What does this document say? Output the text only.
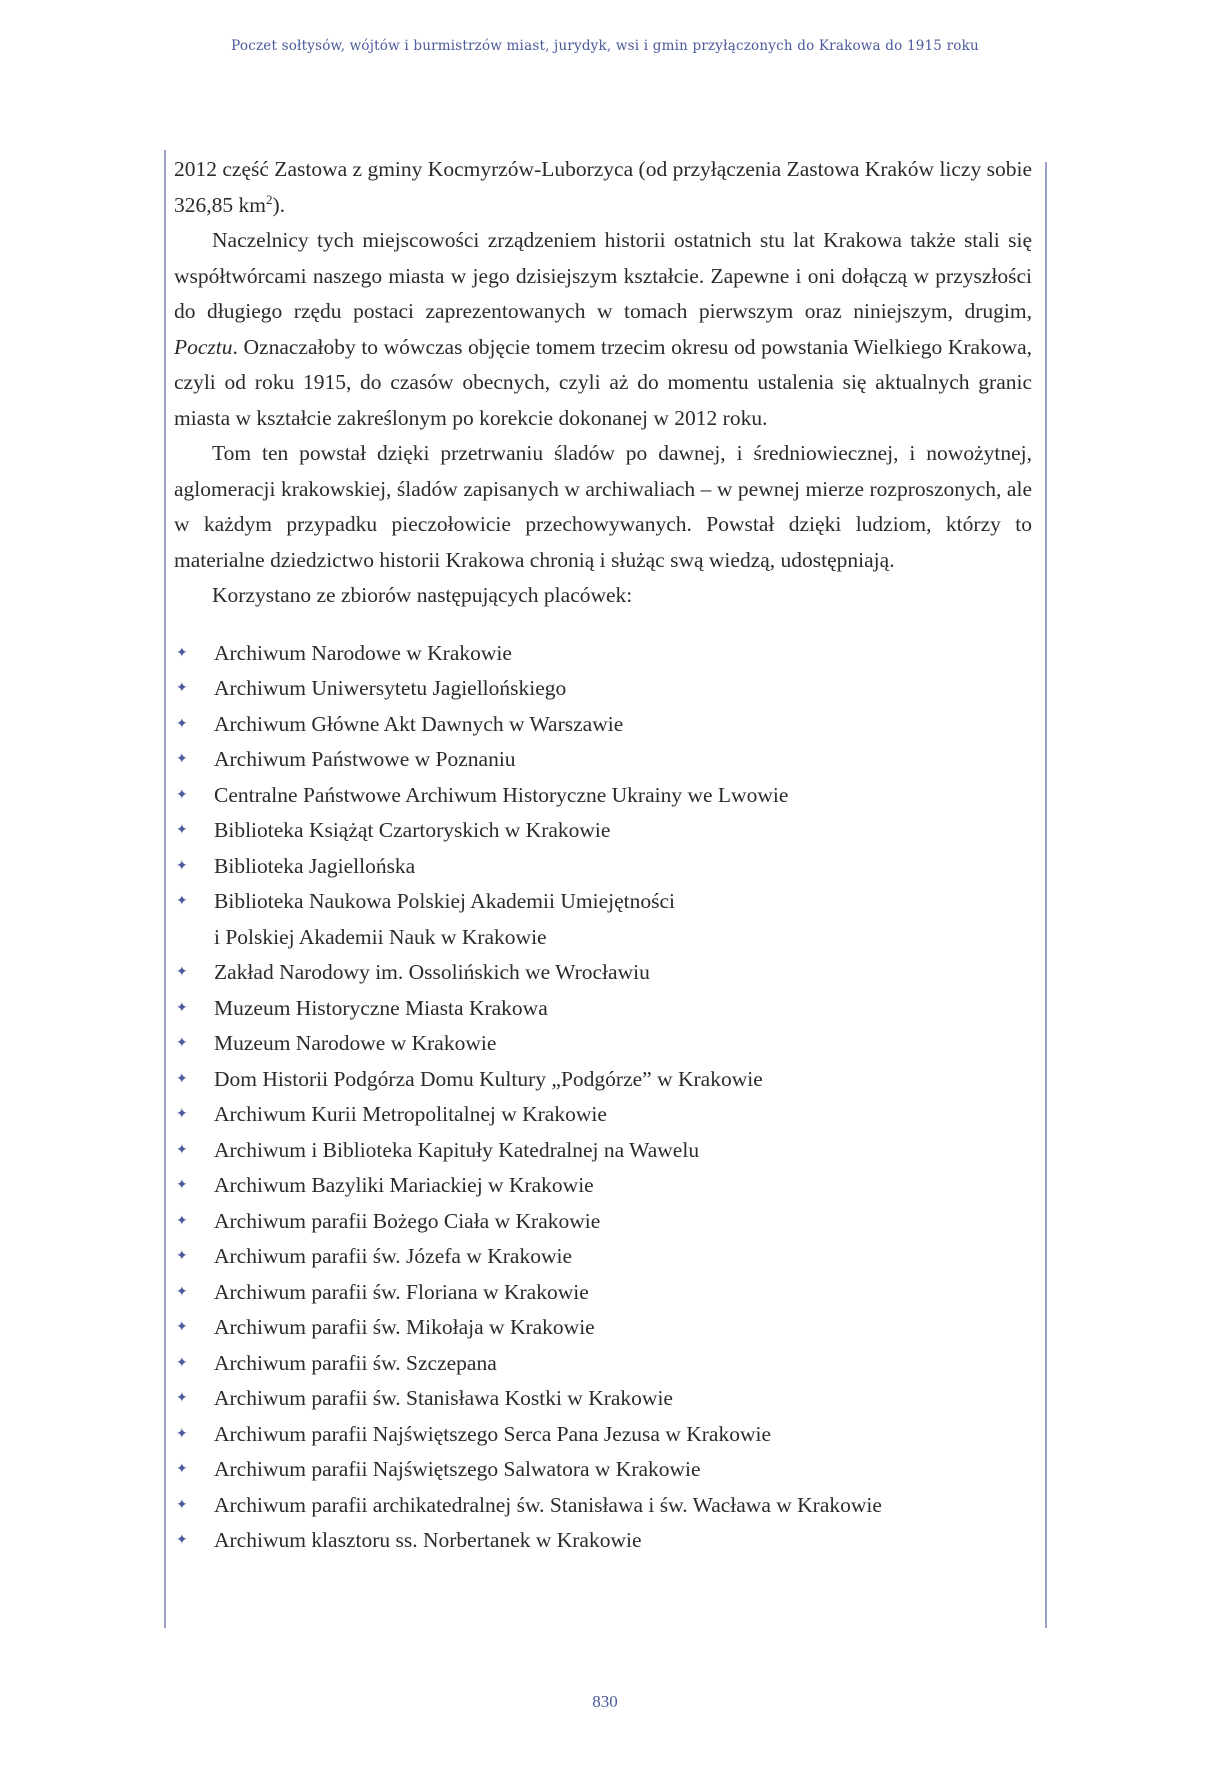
Poczet sołtysów, wójtów i burmistrzów miast, jurydyk, wsi i gmin przyłączonych do Krakowa do 1915 roku

2012 część Zastowa z gminy Kocmyrzów-Luborzyca (od przyłączenia Zastowa Kraków liczy sobie 326,85 $km^2$).

Naczelnicy tych miejscowości zrządzeniem historii ostatnich stu lat Krakowa także stali się współtwórcami naszego miasta w jego dzisiejszym kształcie. Zapewne i oni dołączą w przyszłości do długiego rzędu postaci zaprezentowanych w tomach pierwszym oraz niniejszym, drugim, Pocztu. Oznaczałoby to wówczas objęcie tomem trzecim okresu od powstania Wielkiego Krakowa, czyli od roku 1915, do czasów obecnych, czyli aż do momentu ustalenia się aktualnych granic miasta w kształcie zakreślonym po korekcie dokonanej w 2012 roku.

Tom ten powstał dzięki przetrwaniu śladów po dawnej, i średniowiecznej, i nowożytnej, aglomeracji krakowskiej, śladów zapisanych w archiwaliach – w pewnej mierze rozproszonych, ale w każdym przypadku pieczołowicie przechowywanych. Powstał dzięki ludziom, którzy to materialne dziedzictwo historii Krakowa chronią i służąc swą wiedzą, udostępniają.

Korzystano ze zbiorów następujących placówek:

✦ Archiwum Narodowe w Krakowie
✦ Archiwum Uniwersytetu Jagiellońskiego
✦ Archiwum Główne Akt Dawnych w Warszawie
✦ Archiwum Państwowe w Poznaniu
✦ Centralne Państwowe Archiwum Historyczne Ukrainy we Lwowie
✦ Biblioteka Książąt Czartoryskich w Krakowie
✦ Biblioteka Jagiellońska
✦ Biblioteka Naukowa Polskiej Akademii Umiejętności
i Polskiej Akademii Nauk w Krakowie
✦ Zakład Narodowy im. Ossolińskich we Wrocławiu
✦ Muzeum Historyczne Miasta Krakowa
✦ Muzeum Narodowe w Krakowie
✦ Dom Historii Podgórza Domu Kultury „Podgórze” w Krakowie
✦ Archiwum Kurii Metropolitalnej w Krakowie
✦ Archiwum i Biblioteka Kapituły Katedralnej na Wawelu
✦ Archiwum Bazyliki Mariackiej w Krakowie
✦ Archiwum parafii Bożego Ciała w Krakowie
✦ Archiwum parafii św. Józefa w Krakowie
✦ Archiwum parafii św. Floriana w Krakowie
✦ Archiwum parafii św. Mikołaja w Krakowie
✦ Archiwum parafii św. Szczepana
✦ Archiwum parafii św. Stanisława Kostki w Krakowie
✦ Archiwum parafii Najświętszego Serca Pana Jezusa w Krakowie
✦ Archiwum parafii Najświętszego Salwatora w Krakowie
✦ Archiwum parafii archikatedralnej św. Stanisława i św. Wacława w Krakowie
✦ Archiwum klasztoru ss. Norbertanek w Krakowie
830
